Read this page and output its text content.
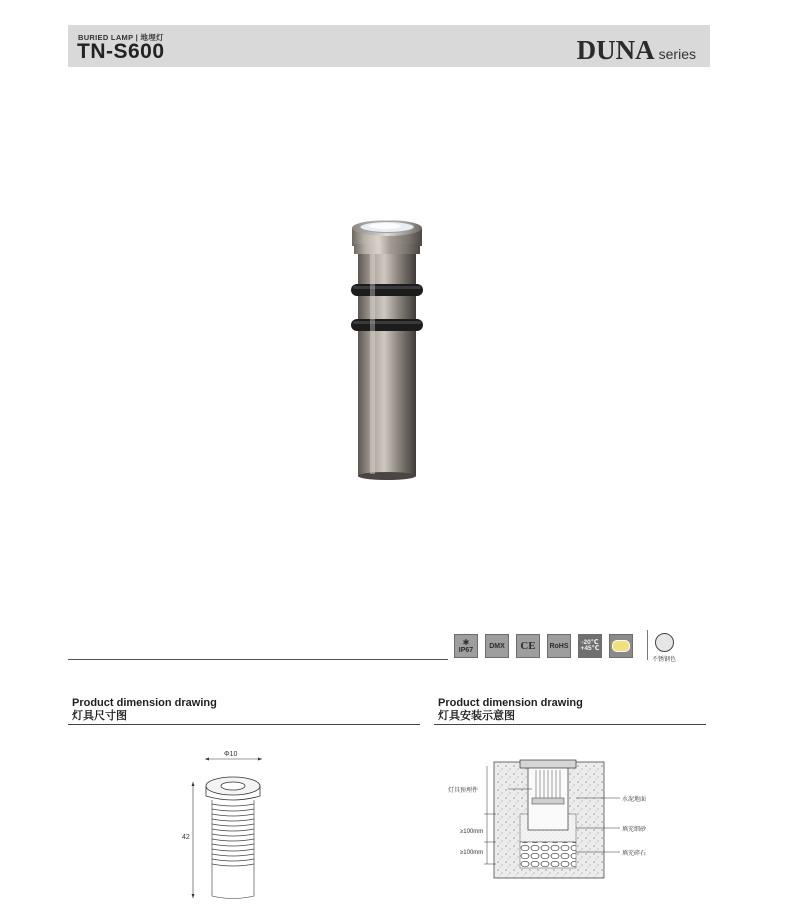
BURIED LAMP | 地埋灯
TN-S600	DUNA series
✱
IP67
DMX	CE	RoHS
-20℃
+45℃
不锈钢色
Product dimension drawing
灯具尺寸图
Product dimension drawing
灯具安装示意图
Φ10
42
灯具预埋件
水泥地面
填充细砂
填充碎石
≥100mm
≥100mm
